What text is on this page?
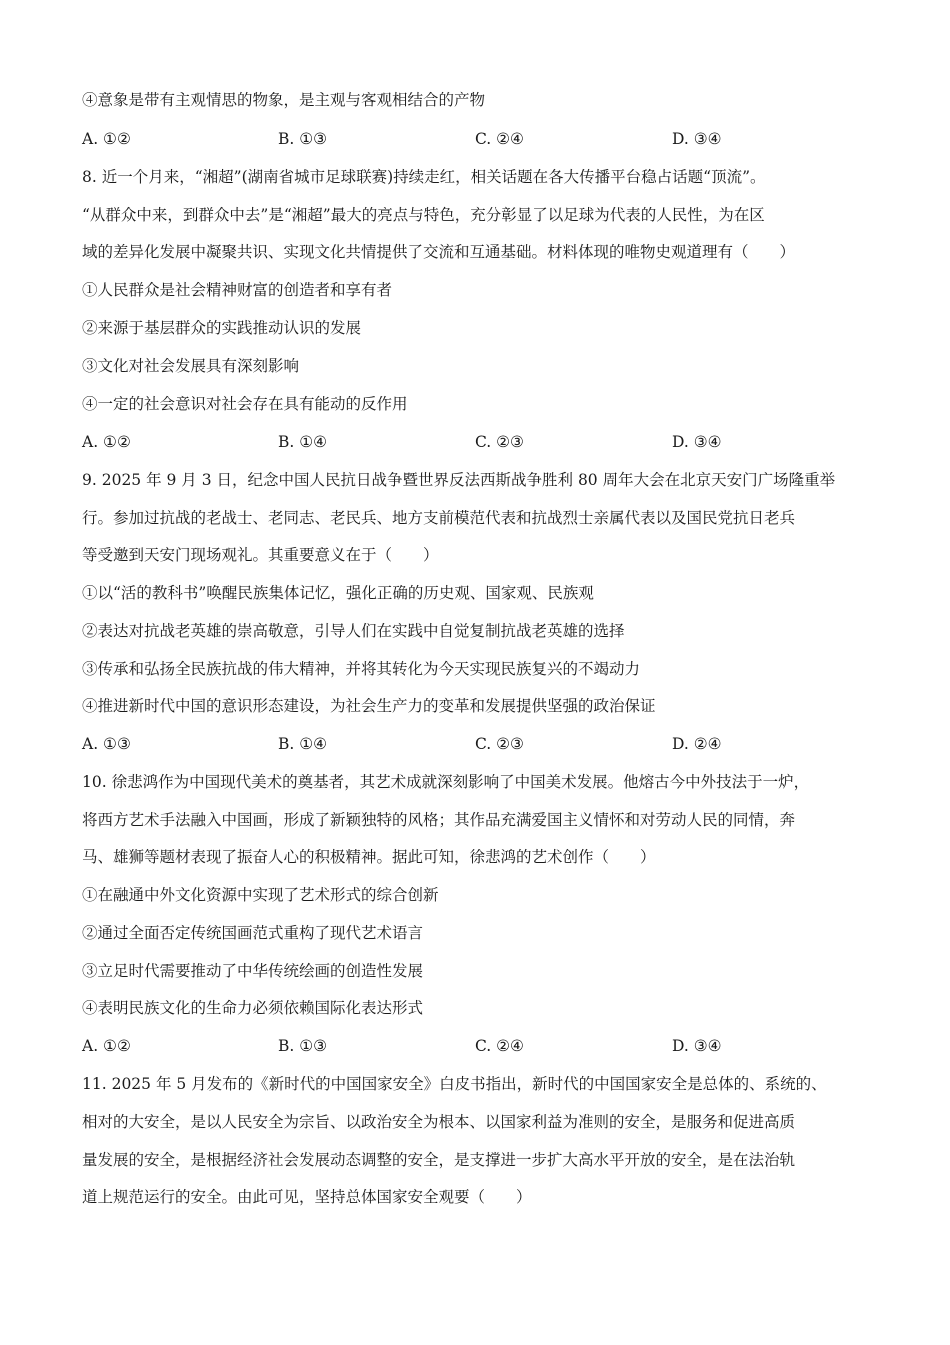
④意象是带有主观情思的物象，是主观与客观相结合的产物
A. ①②	B. ①③	C. ②④	D. ③④
8. 近一个月来，“湘超”(湖南省城市足球联赛)持续走红，相关话题在各大传播平台稳占话题“顶流”。
“从群众中来，到群众中去”是“湘超”最大的亮点与特色，充分彰显了以足球为代表的人民性，为在区
域的差异化发展中凝聚共识、实现文化共情提供了交流和互通基础。材料体现的唯物史观道理有（　　）
①人民群众是社会精神财富的创造者和享有者
②来源于基层群众的实践推动认识的发展
③文化对社会发展具有深刻影响
④一定的社会意识对社会存在具有能动的反作用
A. ①②	B. ①④	C. ②③	D. ③④
9. 2025 年 9 月 3 日，纪念中国人民抗日战争暨世界反法西斯战争胜利 80 周年大会在北京天安门广场隆重举
行。参加过抗战的老战士、老同志、老民兵、地方支前模范代表和抗战烈士亲属代表以及国民党抗日老兵
等受邀到天安门现场观礼。其重要意义在于（　　）
①以“活的教科书”唤醒民族集体记忆，强化正确的历史观、国家观、民族观
②表达对抗战老英雄的崇高敬意，引导人们在实践中自觉复制抗战老英雄的选择
③传承和弘扬全民族抗战的伟大精神，并将其转化为今天实现民族复兴的不竭动力
④推进新时代中国的意识形态建设，为社会生产力的变革和发展提供坚强的政治保证
A. ①③	B. ①④	C. ②③	D. ②④
10. 徐悲鸿作为中国现代美术的奠基者，其艺术成就深刻影响了中国美术发展。他熔古今中外技法于一炉，
将西方艺术手法融入中国画，形成了新颖独特的风格；其作品充满爱国主义情怀和对劳动人民的同情，奔
马、雄狮等题材表现了振奋人心的积极精神。据此可知，徐悲鸿的艺术创作（　　）
①在融通中外文化资源中实现了艺术形式的综合创新
②通过全面否定传统国画范式重构了现代艺术语言
③立足时代需要推动了中华传统绘画的创造性发展
④表明民族文化的生命力必须依赖国际化表达形式
A. ①②	B. ①③	C. ②④	D. ③④
11. 2025 年 5 月发布的《新时代的中国国家安全》白皮书指出，新时代的中国国家安全是总体的、系统的、
相对的大安全，是以人民安全为宗旨、以政治安全为根本、以国家利益为准则的安全，是服务和促进高质
量发展的安全，是根据经济社会发展动态调整的安全，是支撑进一步扩大高水平开放的安全，是在法治轨
道上规范运行的安全。由此可见，坚持总体国家安全观要（　　）
